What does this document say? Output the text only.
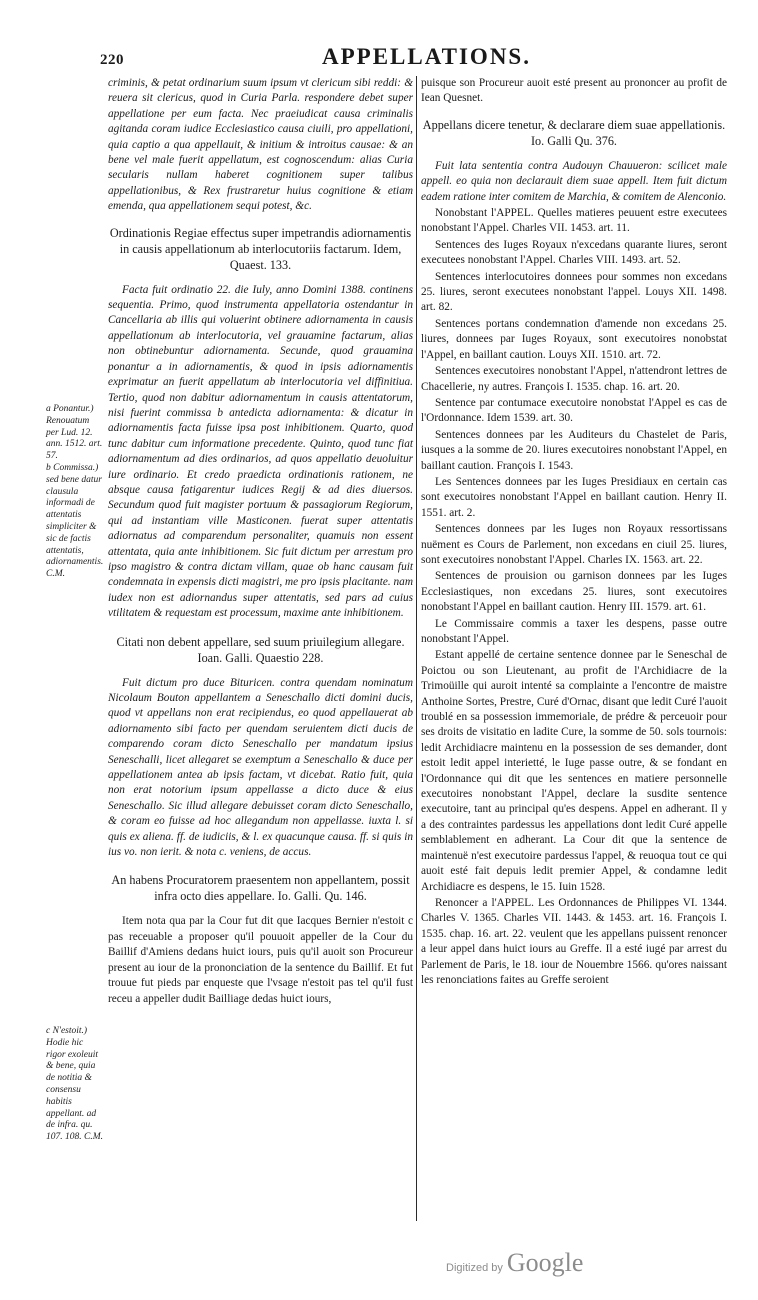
220	APPELLATIONS.

criminis, & petat ordinarium suum ipsum vt clericum sibi reddi: & reuera sit clericus, quod in Curia Parla. respondere debet super appellatione per eum facta. Nec praeiudicat causa criminalis agitanda coram iudice Ecclesiastico causa ciuili, pro appellationi, quia captio a qua appellauit, & initium & introitus causae: & an bene vel male fuerit appellatum, est cognoscendum: alias Curia secularis nullam haberet cognitionem super talibus appellationibus, & Rex frustraretur huius cognitione & etiam emenda, qua appellationem sequi potest, &c.

Ordinationis Regiae effectus super impetrandis adiornamentis in causis appellationum ab interlocutoriis factarum. Idem, Quaest. 133.

Facta fuit ordinatio 22. die Iuly, anno Domini 1388. continens sequentia. Primo, quod instrumenta appellatoria ostendantur in Cancellaria ab illis qui voluerint obtinere adiornamenta in causis appellationum ab interlocutoria, vel grauamine factarum, alias non obtinebuntur adiornamenta. Secunde, quod grauamina ponantur a in adiornamentis, & quod in ipsis adiornamentis exprimatur an fuerit appellatum ab interlocutoria vel diffinitiua. Tertio, quod non dabitur adiornamentum in causis attentatorum, nisi fuerint commissa b antedicta adiornamenta: & dicatur in adiornamentis facta fuisse ipsa post inhibitionem. Quarto, quod tunc dabitur cum informatione precedente. Quinto, quod tunc fiat adiornamentum ad dies ordinarios, ad quos appellatio deuoluitur iure ordinario. Et credo praedicta ordinationis rationem, ne absque causa fatigarentur iudices Regij & ad dies diuersos. Secundum quod fuit magister portuum & passagiorum Regiorum, qui ad instantiam ville Masticonen. fuerat super attentatis adiornatus ad comparendum personaliter, quamuis non essent attentata, quia ante inhibitionem. Sic fuit dictum per arrestum pro ipso magistro & contra dictam villam, quae ob hanc causam fuit condemnata in expensis dicti magistri, me pro ipsis placitante. nam iudex non est adiornandus super attentatis, sed pars ad cuius vtilitatem & requestam est processum, maxime ante inhibitionem.

Citati non debent appellare, sed suum priuilegium allegare. Ioan. Galli. Quaestio 228.

Fuit dictum pro duce Bituricen. contra quendam nominatum Nicolaum Bouton appellantem a Seneschallo dicti domini ducis, quod vt appellans non erat recipiendus, eo quod appellauerat ab adiornamento sibi facto per quendam seruientem dicti ducis de comparendo coram dicto Seneschallo per mandatum ipsius Seneschalli, licet allegaret se exemptum a Seneschallo & duce per appellationem antea ab ipsis factam, vt dicebat. Ratio fuit, quia non erat notorium ipsum appellasse a dicto duce & eius Seneschallo. Sic illud allegare debuisset coram dicto Seneschallo, & coram eo fuisse ad hoc allegandum non appellasse. iuxta l. si quis ex aliena. ff. de iudiciis, & l. ex quacunque causa. ff. si quis in ius vo. non ierit. & nota c. veniens, de accus.

An habens Procuratorem praesentem non appellantem, possit infra octo dies appellare. Io. Galli. Qu. 146.

Item nota qua par la Cour fut dit que Iacques Bernier n'estoit c pas receuable a proposer qu'il pouuoit appeller de la Cour du Baillif d'Amiens dedans huict iours, puis qu'il auoit son Procureur present au iour de la prononciation de la sentence du Baillif. Et fut trouue fut pieds par enqueste que l'vsage n'estoit pas tel qu'il fust receu a appeller dudit Bailliage dedas huict iours,

a Ponantur.) Renouatum per Lud. 12. ann. 1512. art. 57.
b Commissa.) sed bene datur clausula informadi de attentatis simpliciter & sic de factis attentatis, adiornamentis. C.M.
c N'estoit.) Hodie hic rigor exoleuit & bene, quia de notitia & consensu habitis appellant. ad de infra. qu. 107. 108. C.M.

puisque son Procureur auoit esté present au prononcer au profit de Iean Quesnet.

Appellans dicere tenetur, & declarare diem suae appellationis. Io. Galli Qu. 376.

Fuit lata sententia contra Audouyn Chauueron: scilicet male appell. eo quia non declarauit diem suae appell. Item fuit dictum eadem ratione inter comitem de Marchia, & comitem de Alenconio.

Nonobstant l'APPEL. Quelles matieres peuuent estre executees nonobstant l'Appel. Charles VII. 1453. art. 11.

Sentences des Iuges Royaux n'excedans quarante liures, seront executees nonobstant l'Appel. Charles VIII. 1493. art. 52.

Sentences interlocutoires donnees pour sommes non excedans 25. liures, seront executees nonobstant l'appel. Louys XII. 1498. art. 82.

Sentences portans condemnation d'amende non excedans 25. liures, donnees par Iuges Royaux, sont executoires nonobstat l'Appel, en baillant caution. Louys XII. 1510. art. 72.

Sentences executoires nonobstant l'Appel, n'attendront lettres de Chacellerie, ny autres. François I. 1535. chap. 16. art. 20.

Sentence par contumace executoire nonobstat l'Appel es cas de l'Ordonnance. Idem 1539. art. 30.

Sentences donnees par les Auditeurs du Chastelet de Paris, iusques a la somme de 20. liures executoires nonobstant l'Appel, en baillant caution. François I. 1543.

Les Sentences donnees par les Iuges Presidiaux en certain cas sont executoires nonobstant l'Appel en baillant caution. Henry II. 1551. art. 2.

Sentences donnees par les Iuges non Royaux ressortissans nuëment es Cours de Parlement, non excedans en ciuil 25. liures, sont executoires nonobstant l'Appel. Charles IX. 1563. art. 22.

Sentences de prouision ou garnison donnees par les Iuges Ecclesiastiques, non excedans 25. liures, sont executoires nonobstant l'Appel en baillant caution. Henry III. 1579. art. 61.

Le Commissaire commis a taxer les despens, passe outre nonobstant l'Appel.

Estant appellé de certaine sentence donnee par le Seneschal de Poictou ou son Lieutenant, au profit de l'Archidiacre de la Trimoüille qui auroit intenté sa complainte a l'encontre de maistre Anthoine Sortes, Prestre, Curé d'Ornac, disant que ledit Curé l'auoit troublé en sa possession immemoriale, de prédre & perceuoir pour ses droits de visitatio en ladite Cure, la somme de 50. sols tournois: ledit Archidiacre maintenu en la possession de ses demander, dont estoit ledit appel interietté, le Iuge passe outre, & se fondant en l'Ordonnance qui dit que les sentences en matiere personnelle executoires nonobstant l'Appel, declare la susdite sentence executoire, tant au principal qu'es despens. Appel en adherant. Il y a des contraintes pardessus les appellations dont ledit Curé appelle semblablement en adherant. La Cour dit que la sentence de maintenuë n'est executoire pardessus l'appel, & reuoqua tout ce qui auoit esté fait depuis ledit premier Appel, & condamne ledit Archidiacre es despens, le 15. Iuin 1528.

Renoncer a l'APPEL. Les Ordonnances de Philippes VI. 1344. Charles V. 1365. Charles VII. 1443. & 1453. art. 16. François I. 1535. chap. 16. art. 22. veulent que les appellans puissent renoncer a leur appel dans huict iours au Greffe. Il a esté iugé par arrest du Parlement de Paris, le 18. iour de Nouembre 1566. qu'ores naissant les renonciations faites au Greffe seroient

Digitized by Google
